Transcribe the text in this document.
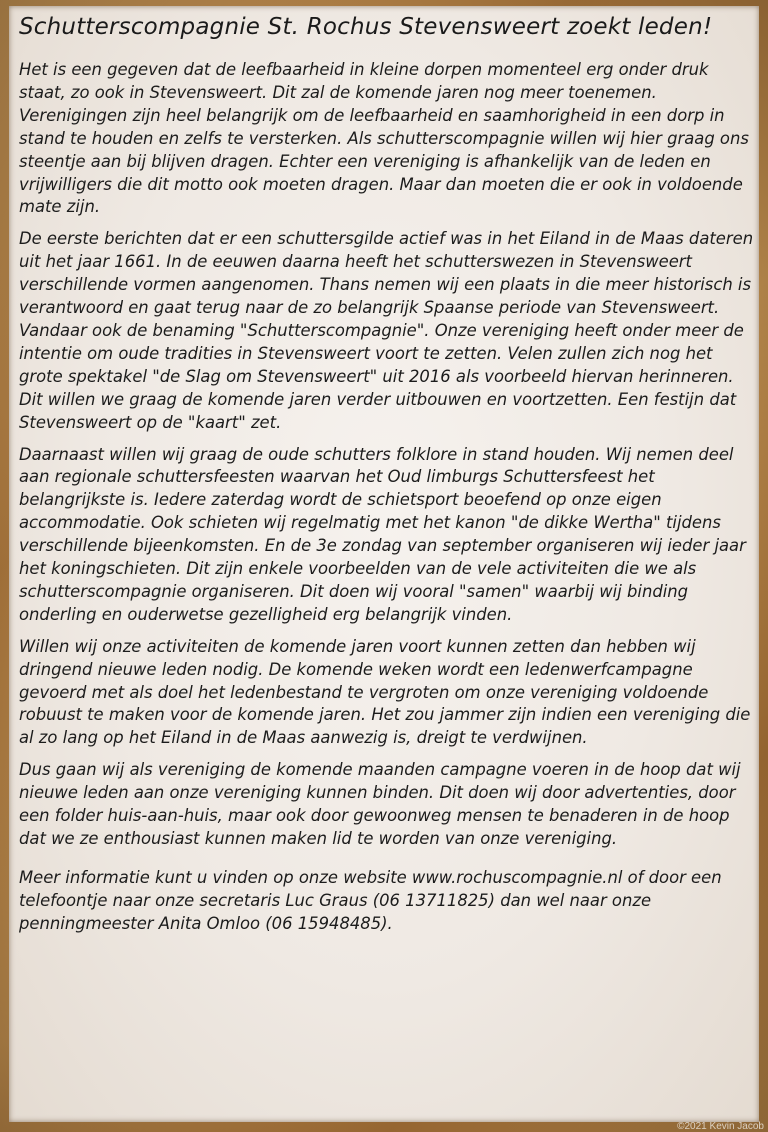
Schutterscompagnie St. Rochus Stevensweert zoekt leden!

Het is een gegeven dat de leefbaarheid in kleine dorpen momenteel erg onder druk staat, zo ook in Stevensweert. Dit zal de komende jaren nog meer toenemen. Verenigingen zijn heel belangrijk om de leefbaarheid en saamhorigheid in een dorp in stand te houden en zelfs te versterken. Als schutterscompagnie willen wij hier graag ons steentje aan bij blijven dragen. Echter een vereniging is afhankelijk van de leden en vrijwilligers die dit motto ook moeten dragen. Maar dan moeten die er ook in voldoende mate zijn.

De eerste berichten dat er een schuttersgilde actief was in het Eiland in de Maas dateren uit het jaar 1661. In de eeuwen daarna heeft het schutterswezen in Stevensweert verschillende vormen aangenomen. Thans nemen wij een plaats in die meer historisch is verantwoord en gaat terug naar de zo belangrijk Spaanse periode van Stevensweert. Vandaar ook de benaming "Schutterscompagnie". Onze vereniging heeft onder meer de intentie om oude tradities in Stevensweert voort te zetten. Velen zullen zich nog het grote spektakel "de Slag om Stevensweert" uit 2016 als voorbeeld hiervan herinneren. Dit willen we graag de komende jaren verder uitbouwen en voortzetten. Een festijn dat Stevensweert op de "kaart" zet.

Daarnaast willen wij graag de oude schutters folklore in stand houden. Wij nemen deel aan regionale schuttersfeesten waarvan het Oud limburgs Schuttersfeest het belangrijkste is. Iedere zaterdag wordt de schietsport beoefend op onze eigen accommodatie. Ook schieten wij regelmatig met het kanon "de dikke Wertha" tijdens verschillende bijeenkomsten. En de 3e zondag van september organiseren wij ieder jaar het koningschieten. Dit zijn enkele voorbeelden van de vele activiteiten die we als schutterscompagnie organiseren. Dit doen wij vooral "samen" waarbij wij binding onderling en ouderwetse gezelligheid erg belangrijk vinden.

Willen wij onze activiteiten de komende jaren voort kunnen zetten dan hebben wij dringend nieuwe leden nodig. De komende weken wordt een ledenwerfcampagne gevoerd met als doel het ledenbestand te vergroten om onze vereniging voldoende robuust te maken voor de komende jaren. Het zou jammer zijn indien een vereniging die al zo lang op het Eiland in de Maas aanwezig is, dreigt te verdwijnen.

Dus gaan wij als vereniging de komende maanden campagne voeren in de hoop dat wij nieuwe leden aan onze vereniging kunnen binden. Dit doen wij door advertenties, door een folder huis-aan-huis, maar ook door gewoonweg mensen te benaderen in de hoop dat we ze enthousiast kunnen maken lid te worden van onze vereniging.

Meer informatie kunt u vinden op onze website www.rochuscompagnie.nl of door een telefoontje naar onze secretaris Luc Graus (06 13711825) dan wel naar onze penningmeester Anita Omloo (06 15948485).

©2021 Kevin Jacob
